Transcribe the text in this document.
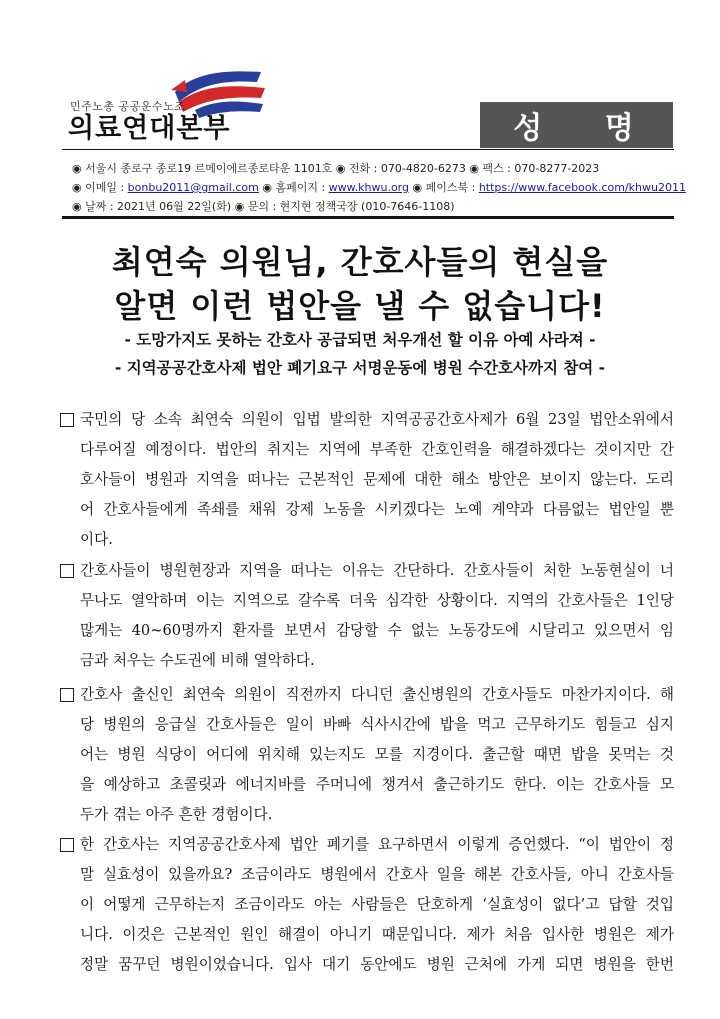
민주노총 공공운수노조
의료연대본부	성 명
◉ 서울시 종로구 종로19 르메이에르종로타운 1101호 ◉ 전화 : 070-4820-6273 ◉ 팩스 : 070-8277-2023
◉ 이메일 : bonbu2011@gmail.com ◉ 홈페이지 : www.khwu.org ◉ 페이스북 : https://www.facebook.com/khwu2011
◉ 날짜 : 2021년 06월 22일(화) ◉ 문의 : 현지현 정책국장 (010-7646-1108)
최연숙 의원님, 간호사들의 현실을
알면 이런 법안을 낼 수 없습니다!
- 도망가지도 못하는 간호사 공급되면 처우개선 할 이유 아예 사라져 -
- 지역공공간호사제 법안 폐기요구 서명운동에 병원 수간호사까지 참여 -
국민의 당 소속 최연숙 의원이 입법 발의한 지역공공간호사제가 6월 23일 법안소위에서
다루어질 예정이다. 법안의 취지는 지역에 부족한 간호인력을 해결하겠다는 것이지만 간
호사들이 병원과 지역을 떠나는 근본적인 문제에 대한 해소 방안은 보이지 않는다. 도리
어 간호사들에게 족쇄를 채워 강제 노동을 시키겠다는 노예 계약과 다름없는 법안일 뿐
이다.
간호사들이 병원현장과 지역을 떠나는 이유는 간단하다. 간호사들이 처한 노동현실이 너
무나도 열악하며 이는 지역으로 갈수록 더욱 심각한 상황이다. 지역의 간호사들은 1인당
많게는 40~60명까지 환자를 보면서 감당할 수 없는 노동강도에 시달리고 있으면서 임
금과 처우는 수도권에 비해 열악하다.
간호사 출신인 최연숙 의원이 직전까지 다니던 출신병원의 간호사들도 마찬가지이다. 해
당 병원의 응급실 간호사들은 일이 바빠 식사시간에 밥을 먹고 근무하기도 힘들고 심지
어는 병원 식당이 어디에 위치해 있는지도 모를 지경이다. 출근할 때면 밥을 못먹는 것
을 예상하고 초콜릿과 에너지바를 주머니에 챙겨서 출근하기도 한다. 이는 간호사들 모
두가 겪는 아주 흔한 경험이다.
한 간호사는 지역공공간호사제 법안 폐기를 요구하면서 이렇게 증언했다. “이 법안이 정
말 실효성이 있을까요? 조금이라도 병원에서 간호사 일을 해본 간호사들, 아니 간호사들
이 어떻게 근무하는지 조금이라도 아는 사람들은 단호하게 ‘실효성이 없다’고 답할 것입
니다. 이것은 근본적인 원인 해결이 아니기 때문입니다. 제가 처음 입사한 병원은 제가
정말 꿈꾸던 병원이었습니다. 입사 대기 동안에도 병원 근처에 가게 되면 병원을 한번
